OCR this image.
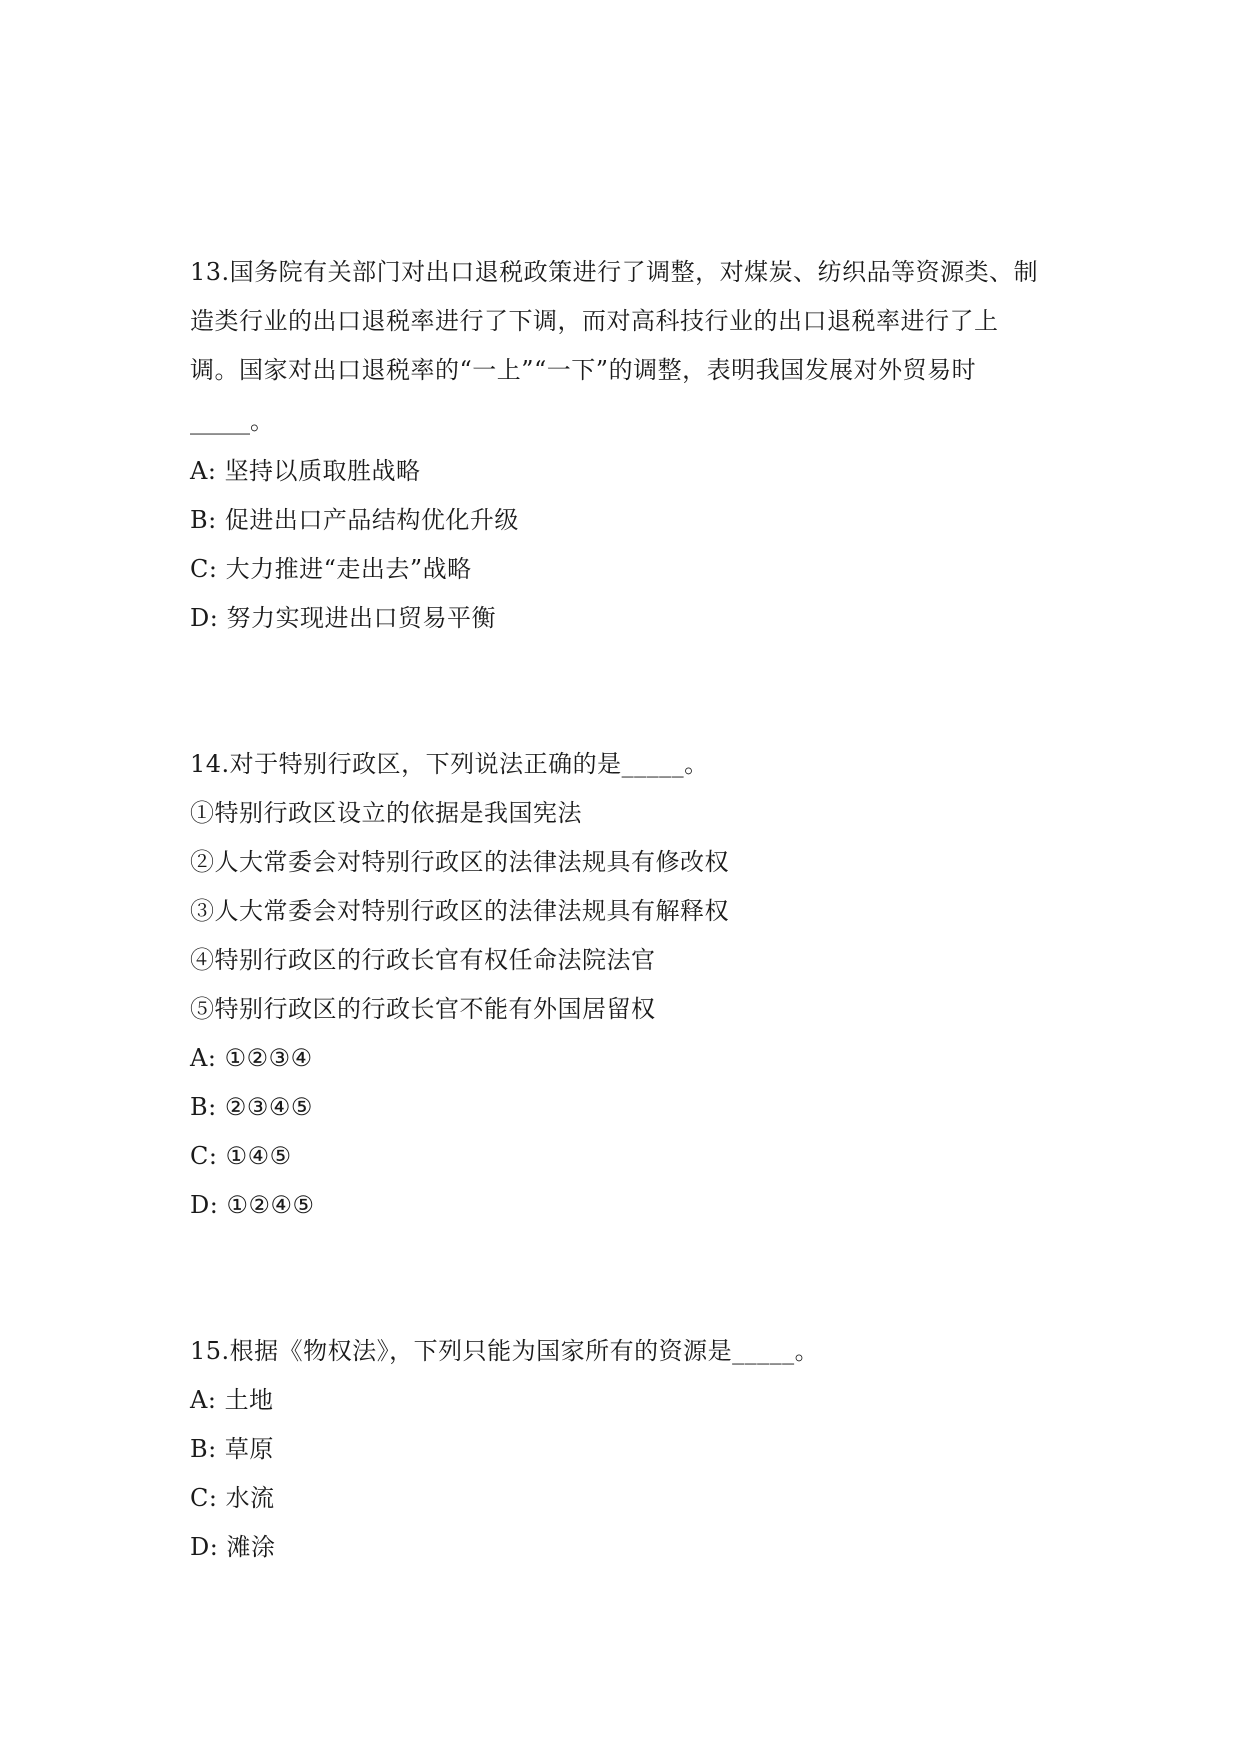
13.国务院有关部门对出口退税政策进行了调整，对煤炭、纺织品等资源类、制
造类行业的出口退税率进行了下调，而对高科技行业的出口退税率进行了上
调。国家对出口退税率的“一上”“一下”的调整，表明我国发展对外贸易时
_____。
A: 坚持以质取胜战略
B: 促进出口产品结构优化升级
C: 大力推进“走出去”战略
D: 努力实现进出口贸易平衡
14.对于特别行政区，下列说法正确的是_____。
①特别行政区设立的依据是我国宪法
②人大常委会对特别行政区的法律法规具有修改权
③人大常委会对特别行政区的法律法规具有解释权
④特别行政区的行政长官有权任命法院法官
⑤特别行政区的行政长官不能有外国居留权
A: ①②③④
B: ②③④⑤
C: ①④⑤
D: ①②④⑤
15.根据《物权法》，下列只能为国家所有的资源是_____。
A: 土地
B: 草原
C: 水流
D: 滩涂
